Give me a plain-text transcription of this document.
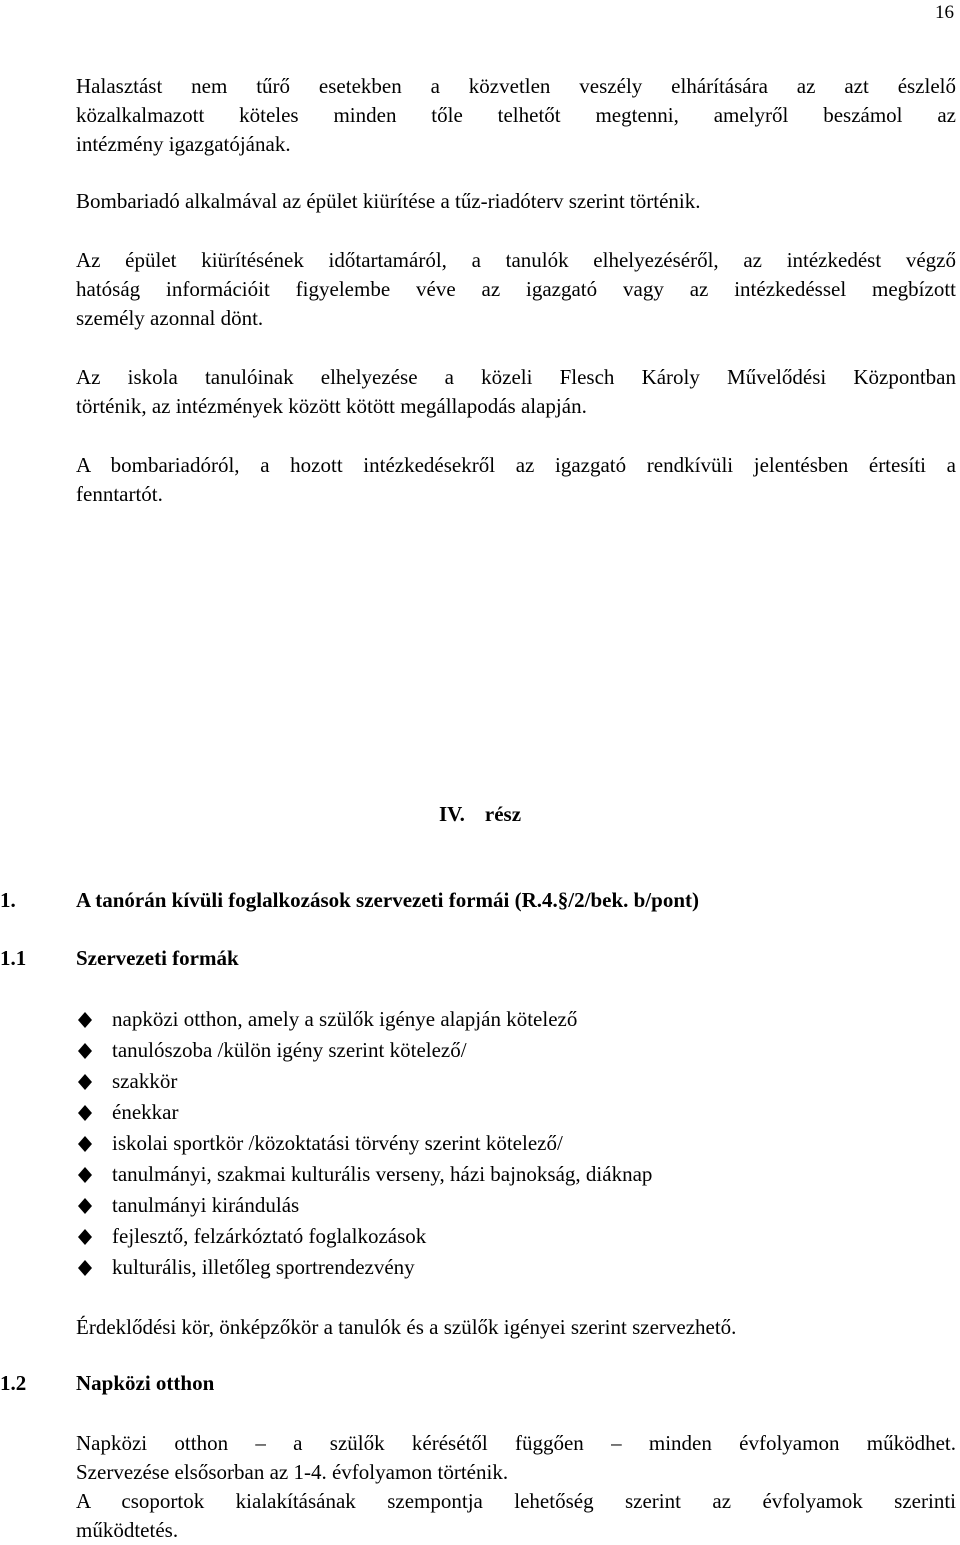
16
Halasztást nem tűrő esetekben a közvetlen veszély elhárítására az azt észlelő
közalkalmazott köteles minden tőle telhetőt megtenni, amelyről beszámol az
intézmény igazgatójának.
Bombariadó alkalmával az épület kiürítése a tűz-riadóterv szerint történik.
Az épület kiürítésének időtartamáról, a tanulók elhelyezéséről, az intézkedést végző
hatóság információit figyelembe véve az igazgató vagy az intézkedéssel megbízott
személy azonnal dönt.
Az iskola tanulóinak elhelyezése a közeli Flesch Károly Művelődési Központban
történik, az intézmények között kötött megállapodás alapján.
A bombariadóról, a hozott intézkedésekről az igazgató rendkívüli jelentésben értesíti a
fenntartót.
IV. rész
1.	A tanórán kívüli foglalkozások szervezeti formái (R.4.§/2/bek. b/pont)
1.1 Szervezeti formák
napközi otthon, amely a szülők igénye alapján kötelező
tanulószoba /külön igény szerint kötelező/
szakkör
énekkar
iskolai sportkör /közoktatási törvény szerint kötelező/
tanulmányi, szakmai kulturális verseny, házi bajnokság, diáknap
tanulmányi kirándulás
fejlesztő, felzárkóztató foglalkozások
kulturális, illetőleg sportrendezvény
Érdeklődési kör, önképzőkör a tanulók és a szülők igényei szerint szervezhető.
1.2 Napközi otthon
Napközi otthon – a szülők kérésétől függően – minden évfolyamon működhet.
Szervezése elsősorban az 1-4. évfolyamon történik.
A csoportok kialakításának szempontja lehetőség szerint az évfolyamok szerinti
működtetés.
